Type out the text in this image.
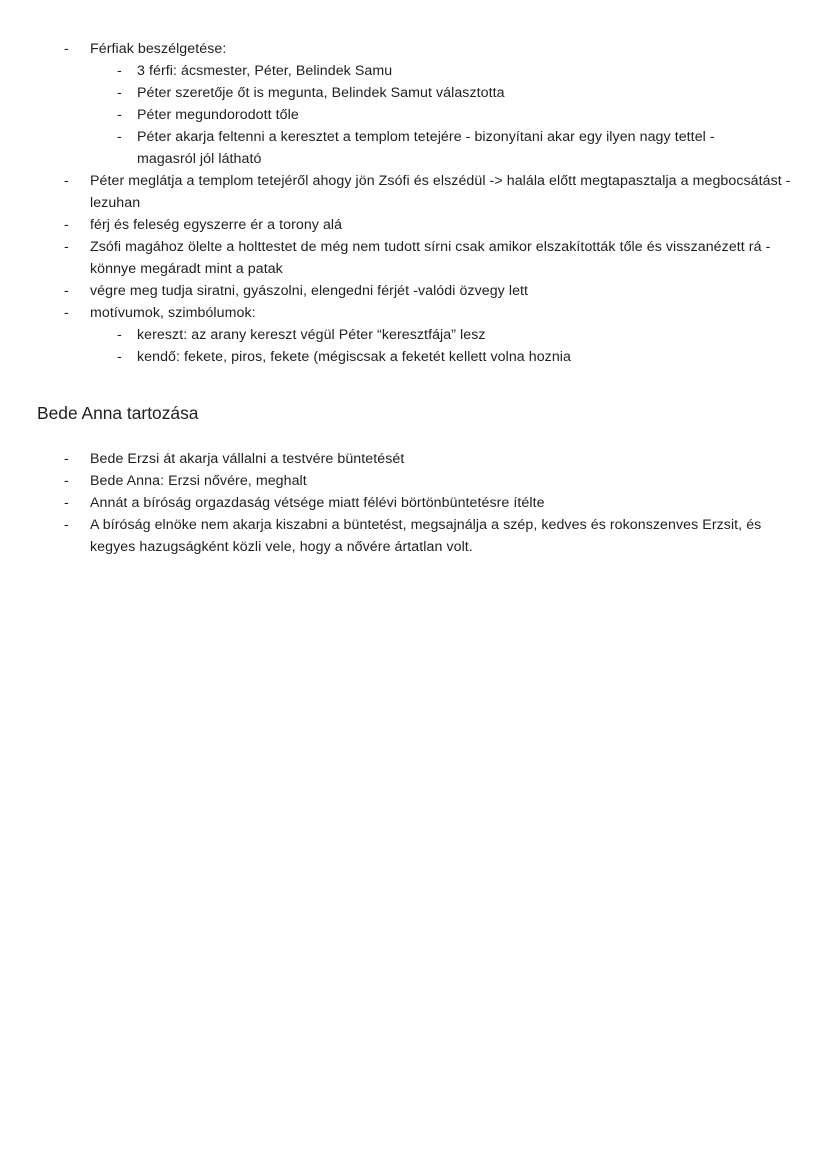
-	Férfiak beszélgetése:
-	3 férfi: ácsmester, Péter, Belindek Samu
-	Péter szeretője őt is megunta, Belindek Samut választotta
-	Péter megundorodott tőle
-	Péter akarja feltenni a keresztet a templom tetejére - bizonyítani akar egy ilyen nagy tettel - magasról jól látható
-	Péter meglátja a templom tetejéről ahogy jön Zsófi és elszédül -> halála előtt megtapasztalja a megbocsátást - lezuhan
-	férj és feleség egyszerre ér a torony alá
-	Zsófi magához ölelte a holttestet de még nem tudott sírni csak amikor elszakították tőle és visszanézett rá - könnye megáradt mint a patak
-	végre meg tudja siratni, gyászolni, elengedni férjét -valódi özvegy lett
-	motívumok, szimbólumok:
-	kereszt: az arany kereszt végül Péter “keresztfája” lesz
-	kendő: fekete, piros, fekete (mégiscsak a feketét kellett volna hoznia
Bede Anna tartozása
-	Bede Erzsi át akarja vállalni a testvére büntetését
-	Bede Anna: Erzsi nővére, meghalt
-	Annát a bíróság orgazdaság vétsége miatt félévi börtönbüntetésre ítélte
-	A bíróság elnöke nem akarja kiszabni a büntetést, megsajnálja a szép, kedves és rokonszenves Erzsit, és kegyes hazugságként közli vele, hogy a nővére ártatlan volt.
